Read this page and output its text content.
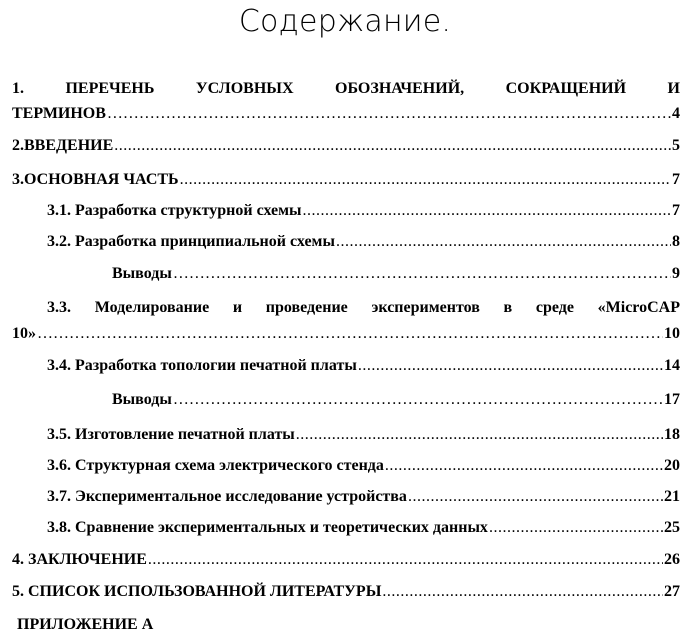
Содержание.
1.	ПЕРЕЧЕНЬ	УСЛОВНЫХ	ОБОЗНАЧЕНИЙ,	СОКРАЩЕНИЙ	И
ТЕРМИНОВ ……………………………………………………………………………………………………………………………………………………………………………………………………………………………………………………	4
2.ВВЕДЕНИЕ .....	5
3.ОСНОВНАЯ ЧАСТЬ .....	7
3.1. Разработка структурной схемы .....	7
3.2. Разработка принципиальной схемы .....	8
Выводы ……………………………………………………………………………………………………………………………………………………………………………………………………………………………………………………	9
3.3. Моделирование и проведение экспериментов в среде «MicroCAP
10» ……………………………………………………………………………………………………………………………………………………………………………………………………………………………………………………	10
3.4. Разработка топологии печатной платы .....	14
Выводы ……………………………………………………………………………………………………………………………………………………………………………………………………………………………………………………	17
3.5. Изготовление печатной платы .....	18
3.6. Структурная схема электрического стенда .....	20
3.7. Экспериментальное исследование устройства .....	21
3.8. Сравнение экспериментальных и теоретических данных .....	25
4. ЗАКЛЮЧЕНИЕ .....	26
5. СПИСОК ИСПОЛЬЗОВАННОЙ ЛИТЕРАТУРЫ .....	27
ПРИЛОЖЕНИЕ А
